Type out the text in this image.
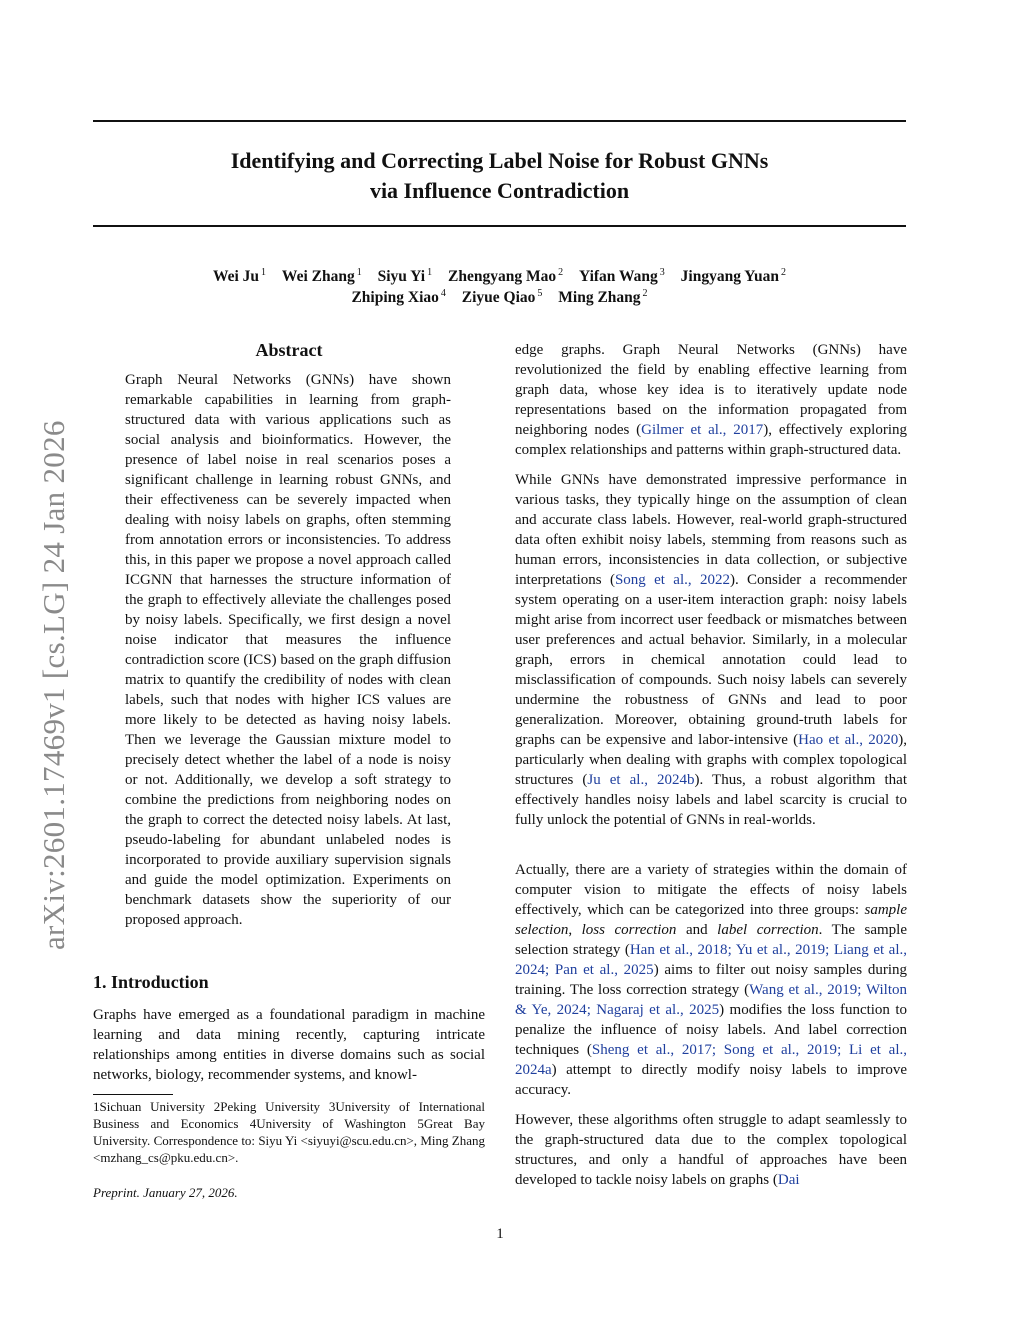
Identifying and Correcting Label Noise for Robust GNNs
via Influence Contradiction
Wei Ju $^1$ Wei Zhang $^1$ Siyu Yi $^1$ Zhengyang Mao $^2$ Yifan Wang $^3$ Jingyang Yuan $^2$
Zhiping Xiao $^4$ Ziyue Qiao $^5$ Ming Zhang $^2$
arXiv:2601.17469v1 [cs.LG] 24 Jan 2026
Abstract

Graph Neural Networks (GNNs) have shown remarkable capabilities in learning from graph-structured data with various applications such as social analysis and bioinformatics. However, the presence of label noise in real scenarios poses a significant challenge in learning robust GNNs, and their effectiveness can be severely impacted when dealing with noisy labels on graphs, often stemming from annotation errors or inconsistencies. To address this, in this paper we propose a novel approach called ICGNN that harnesses the structure information of the graph to effectively alleviate the challenges posed by noisy labels. Specifically, we first design a novel noise indicator that measures the influence contradiction score (ICS) based on the graph diffusion matrix to quantify the credibility of nodes with clean labels, such that nodes with higher ICS values are more likely to be detected as having noisy labels. Then we leverage the Gaussian mixture model to precisely detect whether the label of a node is noisy or not. Additionally, we develop a soft strategy to combine the predictions from neighboring nodes on the graph to correct the detected noisy labels. At last, pseudo-labeling for abundant unlabeled nodes is incorporated to provide auxiliary supervision signals and guide the model optimization. Experiments on benchmark datasets show the superiority of our proposed approach.

1. Introduction

Graphs have emerged as a foundational paradigm in machine learning and data mining recently, capturing intricate relationships among entities in diverse domains such as social networks, biology, recommender systems, and knowl-

1Sichuan University 2Peking University 3University of International Business and Economics 4University of Washington 5Great Bay University. Correspondence to: Siyu Yi <siyuyi@scu.edu.cn>, Ming Zhang <mzhang_cs@pku.edu.cn>.

Preprint. January 27, 2026.

edge graphs. Graph Neural Networks (GNNs) have revolutionized the field by enabling effective learning from graph data, whose key idea is to iteratively update node representations based on the information propagated from neighboring nodes (Gilmer et al., 2017), effectively exploring complex relationships and patterns within graph-structured data.

While GNNs have demonstrated impressive performance in various tasks, they typically hinge on the assumption of clean and accurate class labels. However, real-world graph-structured data often exhibit noisy labels, stemming from reasons such as human errors, inconsistencies in data collection, or subjective interpretations (Song et al., 2022). Consider a recommender system operating on a user-item interaction graph: noisy labels might arise from incorrect user feedback or mismatches between user preferences and actual behavior. Similarly, in a molecular graph, errors in chemical annotation could lead to misclassification of compounds. Such noisy labels can severely undermine the robustness of GNNs and lead to poor generalization. Moreover, obtaining ground-truth labels for graphs can be expensive and labor-intensive (Hao et al., 2020), particularly when dealing with graphs with complex topological structures (Ju et al., 2024b). Thus, a robust algorithm that effectively handles noisy labels and label scarcity is crucial to fully unlock the potential of GNNs in real-worlds.

Actually, there are a variety of strategies within the domain of computer vision to mitigate the effects of noisy labels effectively, which can be categorized into three groups: sample selection, loss correction and label correction. The sample selection strategy (Han et al., 2018; Yu et al., 2019; Liang et al., 2024; Pan et al., 2025) aims to filter out noisy samples during training. The loss correction strategy (Wang et al., 2019; Wilton & Ye, 2024; Nagaraj et al., 2025) modifies the loss function to penalize the influence of noisy labels. And label correction techniques (Sheng et al., 2017; Song et al., 2019; Li et al., 2024a) attempt to directly modify noisy labels to improve accuracy.

However, these algorithms often struggle to adapt seamlessly to the graph-structured data due to the complex topological structures, and only a handful of approaches have been developed to tackle noisy labels on graphs (Dai

1
